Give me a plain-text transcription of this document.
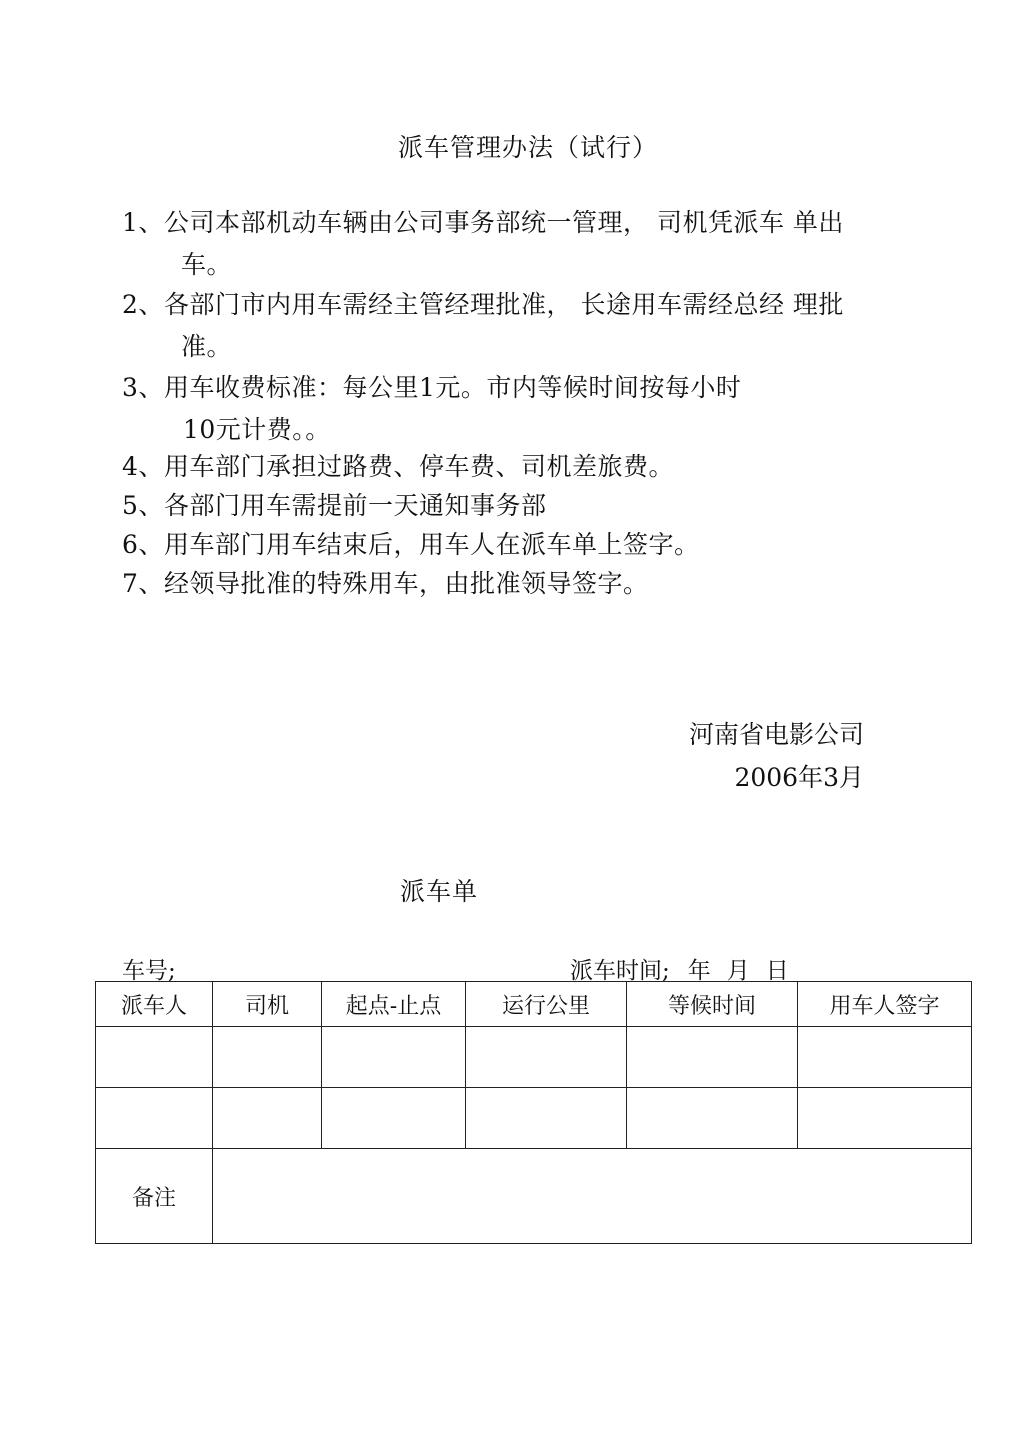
派车管理办法（试行）
1、公司本部机动车辆由公司事务部统一管理， 司机凭派车 单出
车。
2、各部门市内用车需经主管经理批准， 长途用车需经总经 理批
准。
3、用车收费标准：每公里1元。市内等候时间按每小时
10元计费。。
4、用车部门承担过路费、停车费、司机差旅费。
5、各部门用车需提前一天通知事务部
6、用车部门用车结束后，用车人在派车单上签字。
7、经领导批准的特殊用车，由批准领导签字。
河南省电影公司
2006年3月
派车单
车号;	派车时间; 年 月 日
派车人	司机	起点-止点	运行公里	等候时间	用车人签字

备注					
